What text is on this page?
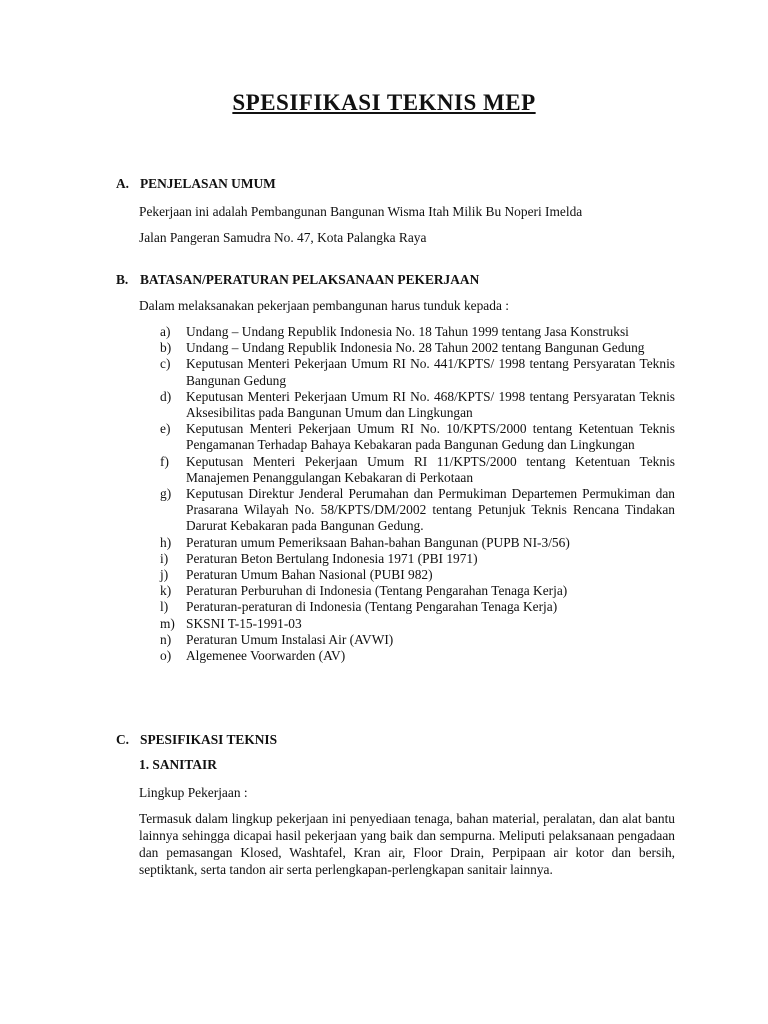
SPESIFIKASI TEKNIS MEP
A. PENJELASAN UMUM
Pekerjaan ini adalah Pembangunan Bangunan Wisma Itah Milik Bu Noperi Imelda
Jalan Pangeran Samudra No. 47, Kota Palangka Raya
B. BATASAN/PERATURAN PELAKSANAAN PEKERJAAN
Dalam melaksanakan pekerjaan pembangunan harus tunduk kepada :
a) Undang – Undang Republik Indonesia No. 18 Tahun 1999 tentang Jasa Konstruksi
b) Undang – Undang Republik Indonesia No. 28 Tahun 2002 tentang Bangunan Gedung
c) Keputusan Menteri Pekerjaan Umum RI No. 441/KPTS/ 1998 tentang Persyaratan Teknis Bangunan Gedung
d) Keputusan Menteri Pekerjaan Umum RI No. 468/KPTS/ 1998 tentang Persyaratan Teknis Aksesibilitas pada Bangunan Umum dan Lingkungan
e) Keputusan Menteri Pekerjaan Umum RI No. 10/KPTS/2000 tentang Ketentuan Teknis Pengamanan Terhadap Bahaya Kebakaran pada Bangunan Gedung dan Lingkungan
f) Keputusan Menteri Pekerjaan Umum RI 11/KPTS/2000 tentang Ketentuan Teknis Manajemen Penanggulangan Kebakaran di Perkotaan
g) Keputusan Direktur Jenderal Perumahan dan Permukiman Departemen Permukiman dan Prasarana Wilayah No. 58/KPTS/DM/2002 tentang Petunjuk Teknis Rencana Tindakan Darurat Kebakaran pada Bangunan Gedung.
h) Peraturan umum Pemeriksaan Bahan-bahan Bangunan (PUPB NI-3/56)
i) Peraturan Beton Bertulang Indonesia 1971 (PBI 1971)
j) Peraturan Umum Bahan Nasional (PUBI 982)
k) Peraturan Perburuhan di Indonesia (Tentang Pengarahan Tenaga Kerja)
l) Peraturan-peraturan di Indonesia (Tentang Pengarahan Tenaga Kerja)
m) SKSNI T-15-1991-03
n) Peraturan Umum Instalasi Air (AVWI)
o) Algemenee Voorwarden (AV)
C. SPESIFIKASI TEKNIS
1. SANITAIR
Lingkup Pekerjaan :
Termasuk dalam lingkup pekerjaan ini penyediaan tenaga, bahan material, peralatan, dan alat bantu lainnya sehingga dicapai hasil pekerjaan yang baik dan sempurna. Meliputi pelaksanaan pengadaan dan pemasangan Klosed, Washtafel, Kran air, Floor Drain, Perpipaan air kotor dan bersih, septiktank, serta tandon air serta perlengkapan-perlengkapan sanitair lainnya.
